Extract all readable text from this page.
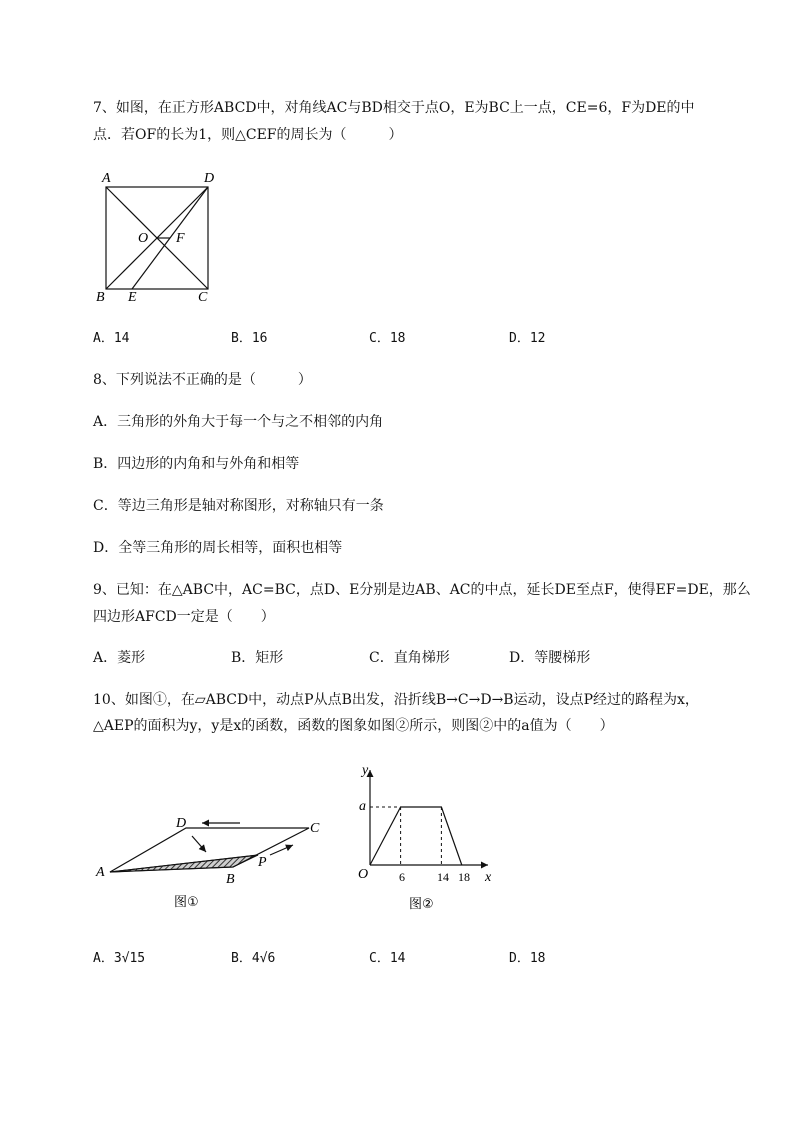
7、如图，在正方形ABCD中，对角线AC与BD相交于点O，E为BC上一点，CE=6，F为DE的中
点．若OF的长为1，则△CEF的周长为（　　　）
A	D
O F
B E	C
A．14	B．16	C．18	D．12
8、下列说法不正确的是（　　　）
A．三角形的外角大于每一个与之不相邻的内角
B．四边形的内角和与外角和相等
C．等边三角形是轴对称图形，对称轴只有一条
D．全等三角形的周长相等，面积也相等
9、已知：在△ABC中，AC=BC，点D、E分别是边AB、AC的中点，延长DE至点F，使得EF=DE，那么
四边形AFCD一定是（　　）
A．菱形	B．矩形	C．直角梯形	D．等腰梯形
10、如图①，在▱ABCD中，动点P从点B出发，沿折线B→C→D→B运动，设点P经过的路程为x，
△AEP的面积为y，y是x的函数，函数的图象如图②所示，则图②中的a值为（　　）
D	C
A	B
P
图①
y
a
O	x
6	14 18
图②
A．3√15	B．4√6	C．14	D．18
